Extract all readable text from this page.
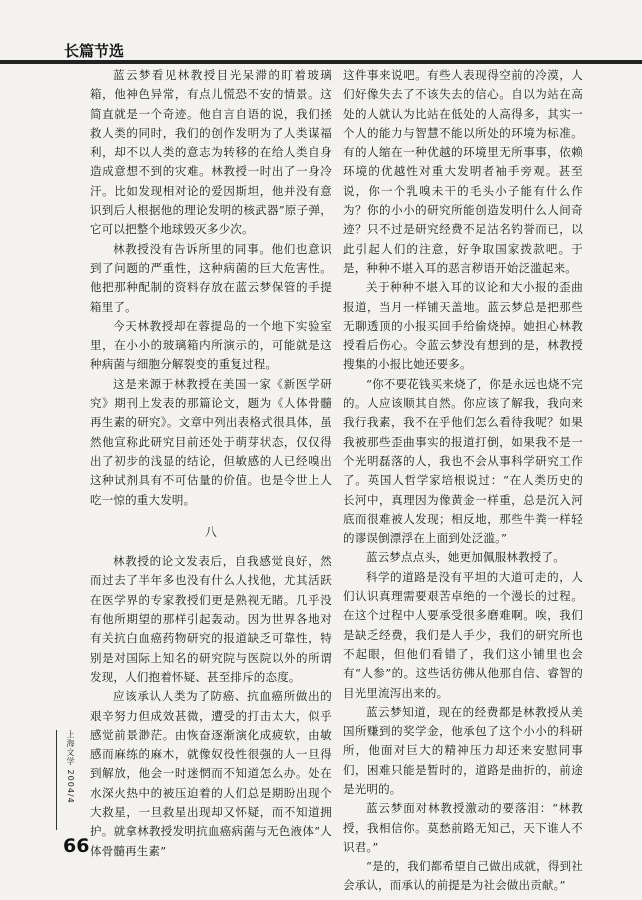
长篇节选

蓝云梦看见林教授目光呆滞的盯着玻璃箱，他神色异常，有点儿慌恐不安的情景。这简直就是一个奇迹。他自言自语的说，我们拯救人类的同时，我们的创作发明为了人类谋福利，却不以人类的意志为转移的在给人类自身造成意想不到的灾难。林教授一时出了一身冷汗。比如发现相对论的爱因斯坦，他并没有意识到后人根据他的理论发明的核武器”原子弹，它可以把整个地球毁灭多少次。

林教授没有告诉所里的同事。他们也意识到了问题的严重性，这种病菌的巨大危害性。他把那种配制的资料存放在蓝云梦保管的手提箱里了。

今天林教授却在蓉提岛的一个地下实验室里，在小小的玻璃箱内所演示的，可能就是这种病菌与细胞分解裂变的重复过程。

这是来源于林教授在美国一家《新医学研究》期刊上发表的那篇论文，题为《人体骨髓再生素的研究》。文章中列出表格式很具体，虽然他宣称此研究目前还处于萌芽状态，仅仅得出了初步的浅显的结论，但敏感的人已经嗅出这种试剂具有不可估量的价值。也是令世上人吃一惊的重大发明。

八

林教授的论文发表后，自我感觉良好，然而过去了半年多也没有什么人找他，尤其活跃在医学界的专家教授们更是熟视无睹。几乎没有他所期望的那样引起轰动。因为世界各地对有关抗白血癌药物研究的报道缺乏可靠性，特别是对国际上知名的研究院与医院以外的所谓发现，人们抱着怀疑、甚至排斥的态度。

应该承认人类为了防癌、抗血癌所做出的艰辛努力但成效甚微，遭受的打击太大，似乎感觉前景渺茫。由恢奋逐渐演化成疲软，由敏感而麻练的麻木，就像奴役性很强的人一旦得到解放，他会一时迷惘而不知道怎么办。处在水深火热中的被压迫着的人们总是期盼出现个大救星，一旦救星出现却又怀疑，而不知道拥护。就拿林教授发明抗血癌病菌与无色液体“人体骨髓再生素”

这件事来说吧。有些人表现得空前的冷漠，人们好像失去了不该失去的信心。自以为站在高处的人就认为比站在低处的人高得多，其实一个人的能力与智慧不能以所处的环境为标准。有的人缩在一种优越的环境里无所事事，依赖环境的优越性对重大发明者袖手旁观。甚至说，你一个乳嗅未干的毛头小子能有什么作为？你的小小的研究所能创造发明什么人间奇迹？只不过是研究经费不足沽名钓誉而已，以此引起人们的注意，好争取国家拨款吧。于是，种种不堪入耳的恶言秽语开始泛滥起来。

关于种种不堪入耳的议论和大小报的歪曲报道，当月一样铺天盖地。蓝云梦总是把那些无聊透顶的小报买回手给偷烧掉。她担心林教授看后伤心。令蓝云梦没有想到的是，林教授搜集的小报比她还要多。

“你不要花钱买来烧了，你是永远也烧不完的。人应该顺其自然。你应该了解我，我向来我行我素，我不在乎他们怎么看待我呢？如果我被那些歪曲事实的报道打倒，如果我不是一个光明磊落的人，我也不会从事科学研究工作了。英国人哲学家培根说过：“在人类历史的长河中，真理因为像黄金一样重，总是沉入河底而很难被人发现；相反地，那些牛粪一样轻的谬误倒漂浮在上面到处泛滥。”

蓝云梦点点头，她更加佩服林教授了。

科学的道路是没有平坦的大道可走的，人们认识真理需要艰苦卓绝的一个漫长的过程。在这个过程中人要承受很多磨难啊。唉，我们是缺乏经费，我们是人手少，我们的研究所也不起眼，但他们看错了，我们这小铺里也会有“人参”的。这些话彷佛从他那自信、睿智的目光里流泻出来的。

蓝云梦知道，现在的经费都是林教授从美国所赚到的奖学金，他承包了这个小小的科研所，他面对巨大的精神压力却还来安慰同事们，困难只能是暂时的，道路是曲折的，前途是光明的。

蓝云梦面对林教授激动的要落泪：“林教授，我相信你。莫愁前路无知己，天下谁人不识君。”

“是的，我们都希望自己做出成就，得到社会承认，而承认的前提是为社会做出贡献。”

上海文学 2004/4
66
